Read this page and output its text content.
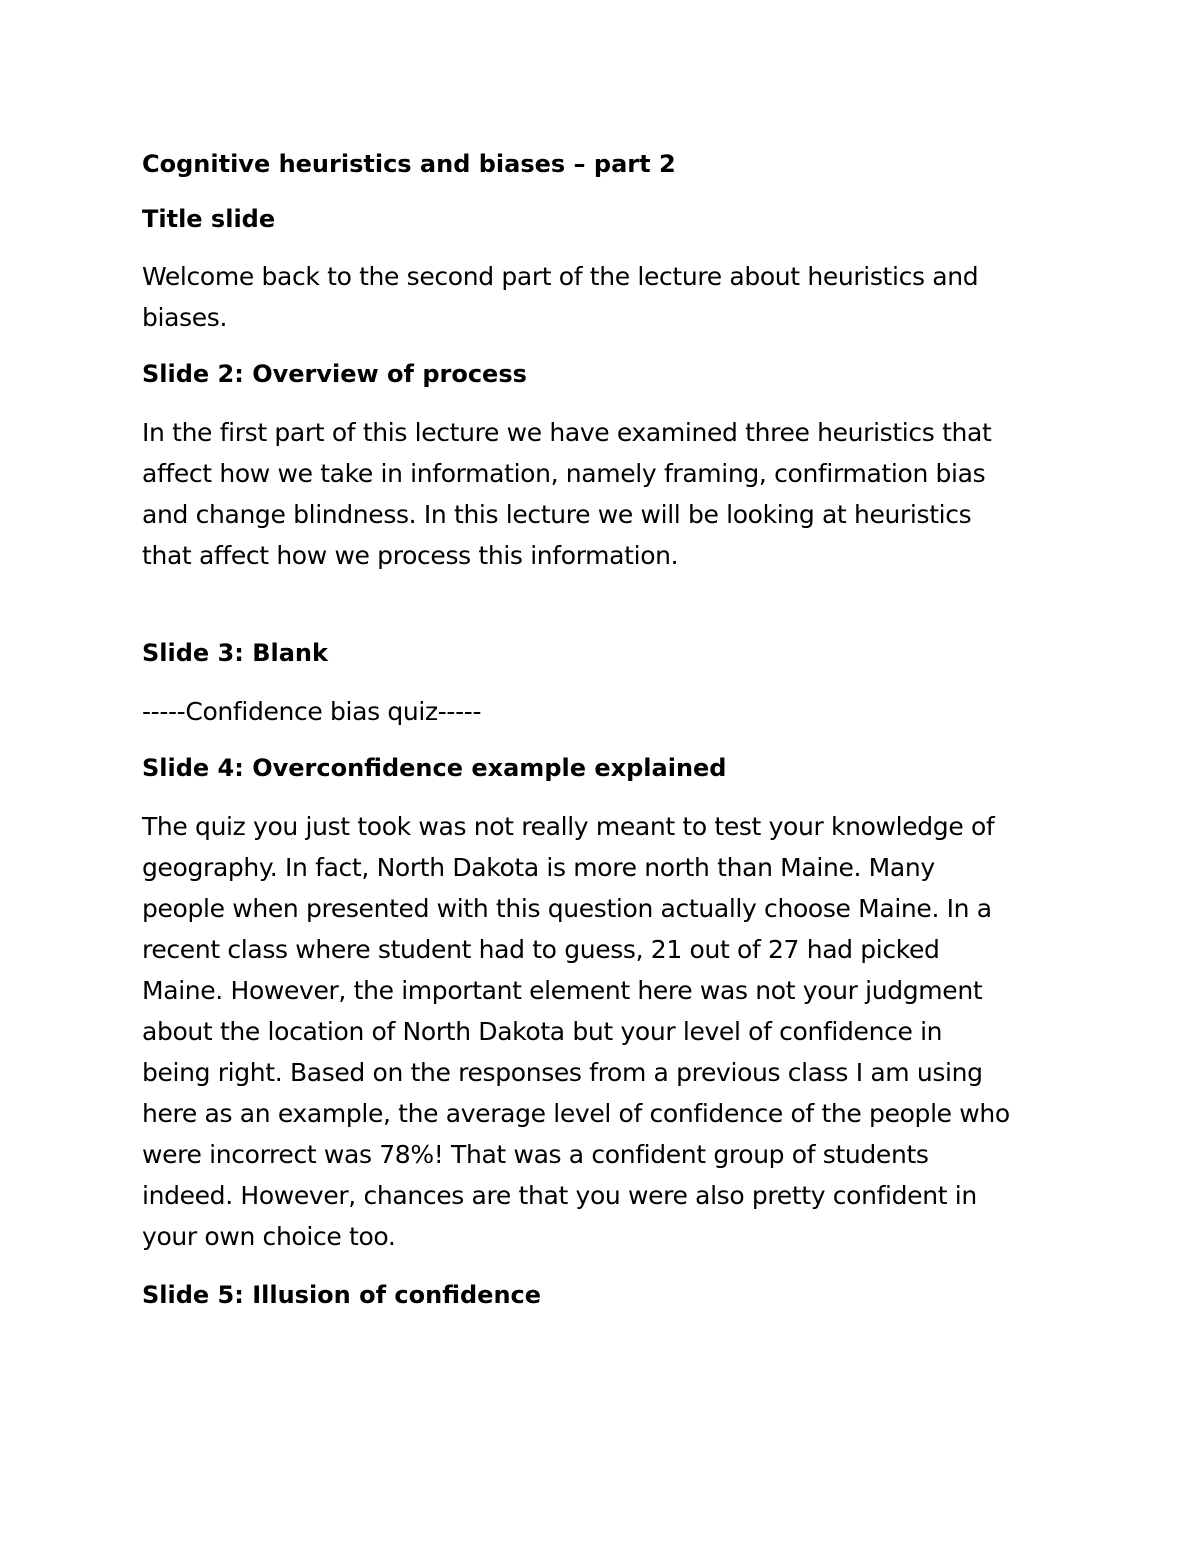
Cognitive heuristics and biases – part 2
Title slide
Welcome back to the second part of the lecture about heuristics and
biases.
Slide 2: Overview of process
In the first part of this lecture we have examined three heuristics that
affect how we take in information, namely framing, confirmation bias
and change blindness. In this lecture we will be looking at heuristics
that affect how we process this information.
Slide 3: Blank
-----Confidence bias quiz-----
Slide 4: Overconfidence example explained
The quiz you just took was not really meant to test your knowledge of
geography. In fact, North Dakota is more north than Maine. Many
people when presented with this question actually choose Maine. In a
recent class where student had to guess, 21 out of 27 had picked
Maine. However, the important element here was not your judgment
about the location of North Dakota but your level of confidence in
being right. Based on the responses from a previous class I am using
here as an example, the average level of confidence of the people who
were incorrect was 78%! That was a confident group of students
indeed. However, chances are that you were also pretty confident in
your own choice too.
Slide 5: Illusion of confidence
